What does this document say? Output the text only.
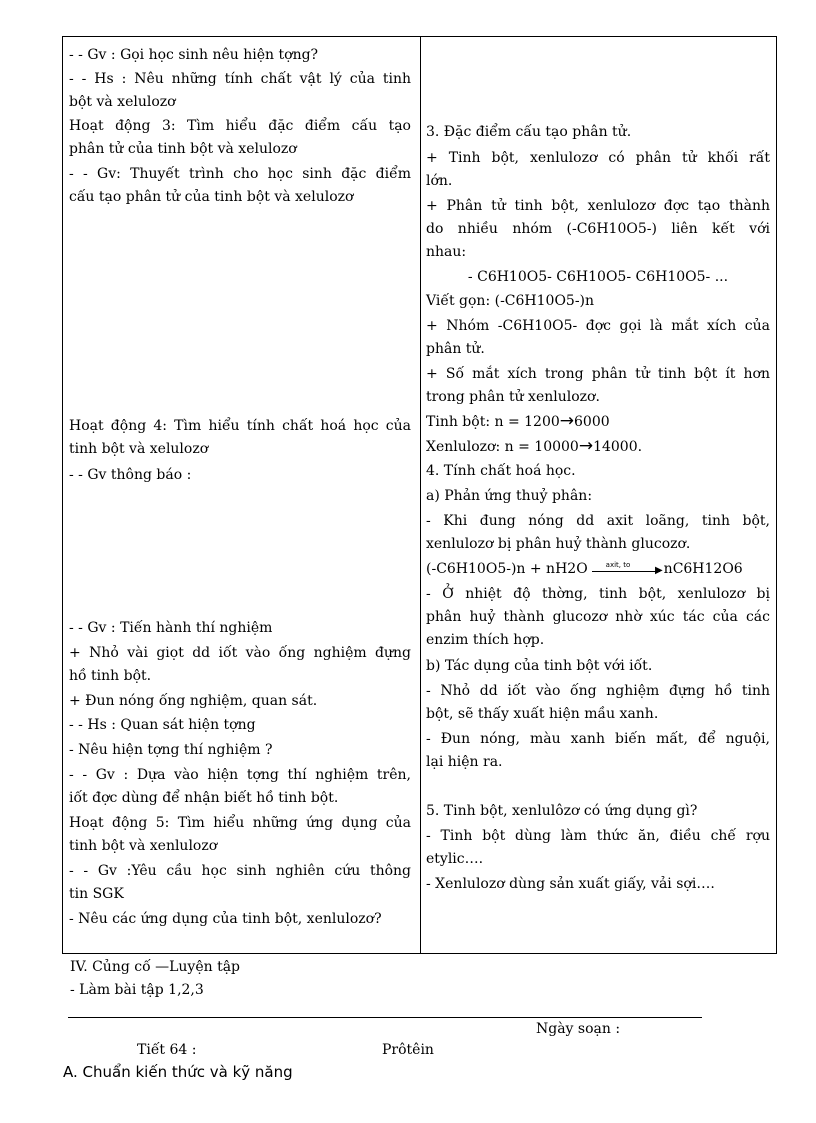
- - Gv : Gọi học sinh nêu hiện tợng?
- - Hs : Nêu những tính chất vật lý của tinh
bột và xelulozơ
Hoạt động 3: Tìm hiểu đặc điểm cấu tạo
phân tử của tinh bột và xelulozơ
- - Gv: Thuyết trình cho học sinh đặc điểm
cấu tạo phân tử của tinh bột và xelulozơ
Hoạt động 4: Tìm hiểu tính chất hoá học của
tinh bột và xelulozơ
- - Gv thông báo :
- - Gv : Tiến hành thí nghiệm
+ Nhỏ vài giọt dd iốt vào ống nghiệm đựng
hồ tinh bột.
+ Đun nóng ống nghiệm, quan sát.
- - Hs : Quan sát hiện tợng
- Nêu hiện tợng thí nghiệm ?
- - Gv : Dựa vào hiện tợng thí nghiệm trên,
iốt đợc dùng để nhận biết hồ tinh bột.
Hoạt động 5: Tìm hiểu những ứng dụng của
tinh bột và xenlulozơ
- - Gv :Yêu cầu học sinh nghiên cứu thông
tin SGK
- Nêu các ứng dụng của tinh bột, xenlulozơ?
3. Đặc điểm cấu tạo phân tử.
+ Tinh bột, xenlulozơ có phân tử khối rất
lớn.
+ Phân tử tinh bột, xenlulozơ đợc tạo thành
do nhiều nhóm (-C6H10O5-) liên kết với
nhau:
- C6H10O5- C6H10O5- C6H10O5- ...
Viết gọn: (-C6H10O5-)n
+ Nhóm -C6H10O5- đợc gọi là mắt xích của
phân tử.
+ Số mắt xích trong phân tử tinh bột ít hơn
trong phân tử xenlulozơ.
Tinh bột: n = 1200→6000
Xenlulozơ: n = 10000→14000.
4. Tính chất hoá học.
a) Phản ứng thuỷ phân:
- Khi đung nóng dd axit loãng, tinh bột,
xenlulozơ bị phân huỷ thành glucozơ.
(-C6H10O5-)n + nH2O	axit, to ▶ nC6H12O6
- Ở nhiệt độ thờng, tinh bột, xenlulozơ bị
phân huỷ thành glucozơ nhờ xúc tác của các
enzim thích hợp.
b) Tác dụng của tinh bột với iốt.
- Nhỏ dd iốt vào ống nghiệm đựng hồ tinh
bột, sẽ thấy xuất hiện mầu xanh.
- Đun nóng, màu xanh biến mất, để nguội,
lại hiện ra.
5. Tinh bột, xenlulôzơ có ứng dụng gì?
- Tinh bột dùng làm thức ăn, điều chế rợu
etylic….
- Xenlulozơ dùng sản xuất giấy, vải sợi….
IV. Củng cố —Luyện tập
- Làm bài tập 1,2,3
Ngày soạn :
Tiết 64 :	Prôtêin
A. Chuẩn kiến thức và kỹ năng
